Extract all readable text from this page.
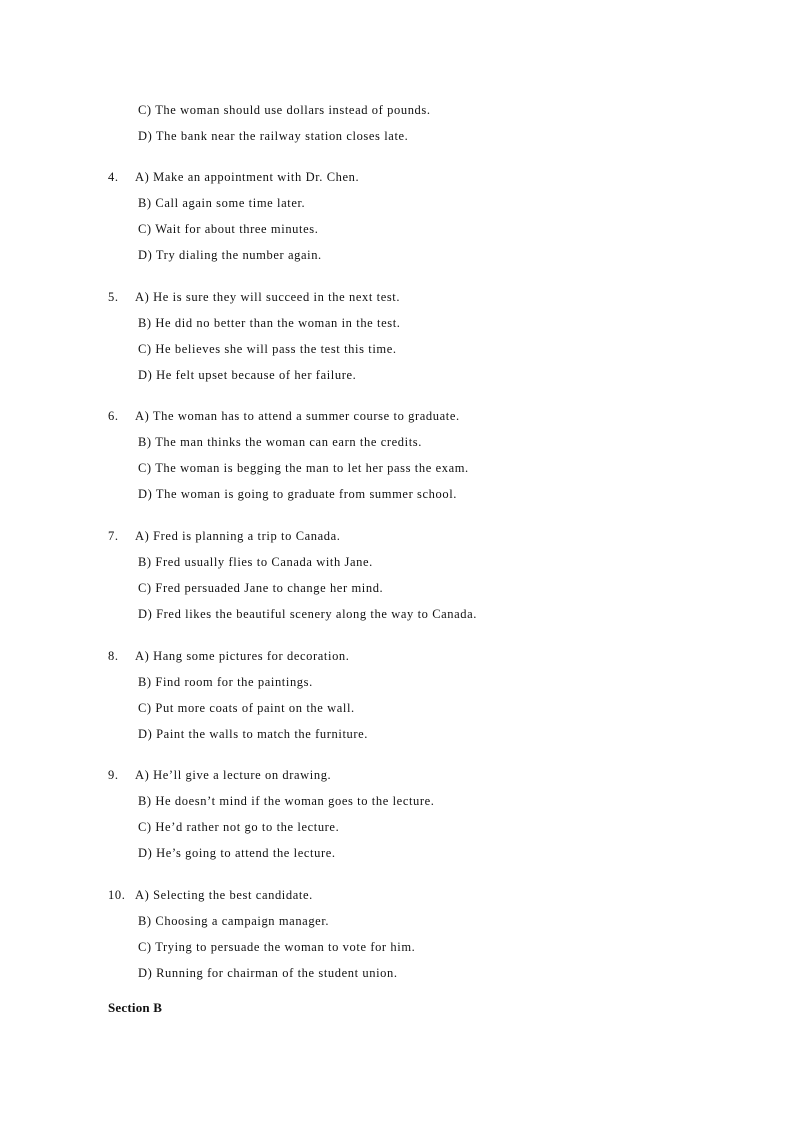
C) The woman should use dollars instead of pounds.
D) The bank near the railway station closes late.
4. A) Make an appointment with Dr. Chen.
B) Call again some time later.
C) Wait for about three minutes.
D) Try dialing the number again.
5. A) He is sure they will succeed in the next test.
B) He did no better than the woman in the test.
C) He believes she will pass the test this time.
D) He felt upset because of her failure.
6. A) The woman has to attend a summer course to graduate.
B) The man thinks the woman can earn the credits.
C) The woman is begging the man to let her pass the exam.
D) The woman is going to graduate from summer school.
7. A) Fred is planning a trip to Canada.
B) Fred usually flies to Canada with Jane.
C) Fred persuaded Jane to change her mind.
D) Fred likes the beautiful scenery along the way to Canada.
8. A) Hang some pictures for decoration.
B) Find room for the paintings.
C) Put more coats of paint on the wall.
D) Paint the walls to match the furniture.
9. A) He’ll give a lecture on drawing.
B) He doesn’t mind if the woman goes to the lecture.
C) He’d rather not go to the lecture.
D) He’s going to attend the lecture.
10. A) Selecting the best candidate.
B) Choosing a campaign manager.
C) Trying to persuade the woman to vote for him.
D) Running for chairman of the student union.
Section B
